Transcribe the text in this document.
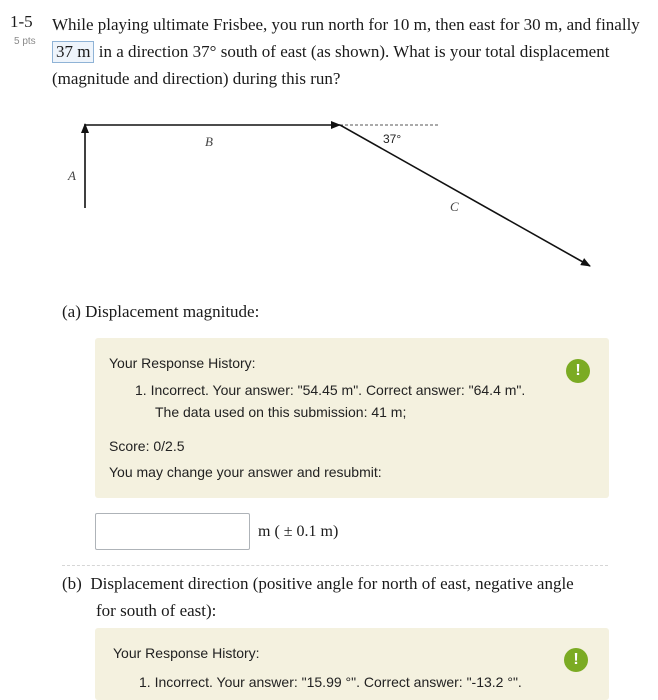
1-5
5 pts
While playing ultimate Frisbee, you run north for 10 m, then east for 30 m, and finally 37 m in a direction 37° south of east (as shown). What is your total displacement (magnitude and direction) during this run?
A⃗
B⃗
C⃗
37°
(a) Displacement magnitude:
Your Response History:	!
1. Incorrect. Your answer: "54.45 m". Correct answer: "64.4 m".
The data used on this submission: 41 m;
Score: 0/2.5
You may change your answer and resubmit:
m ( ± 0.1 m)
(b) Displacement direction (positive angle for north of east, negative angle
for south of east):
Your Response History:	!
1. Incorrect. Your answer: "15.99 °". Correct answer: "-13.2 °".
